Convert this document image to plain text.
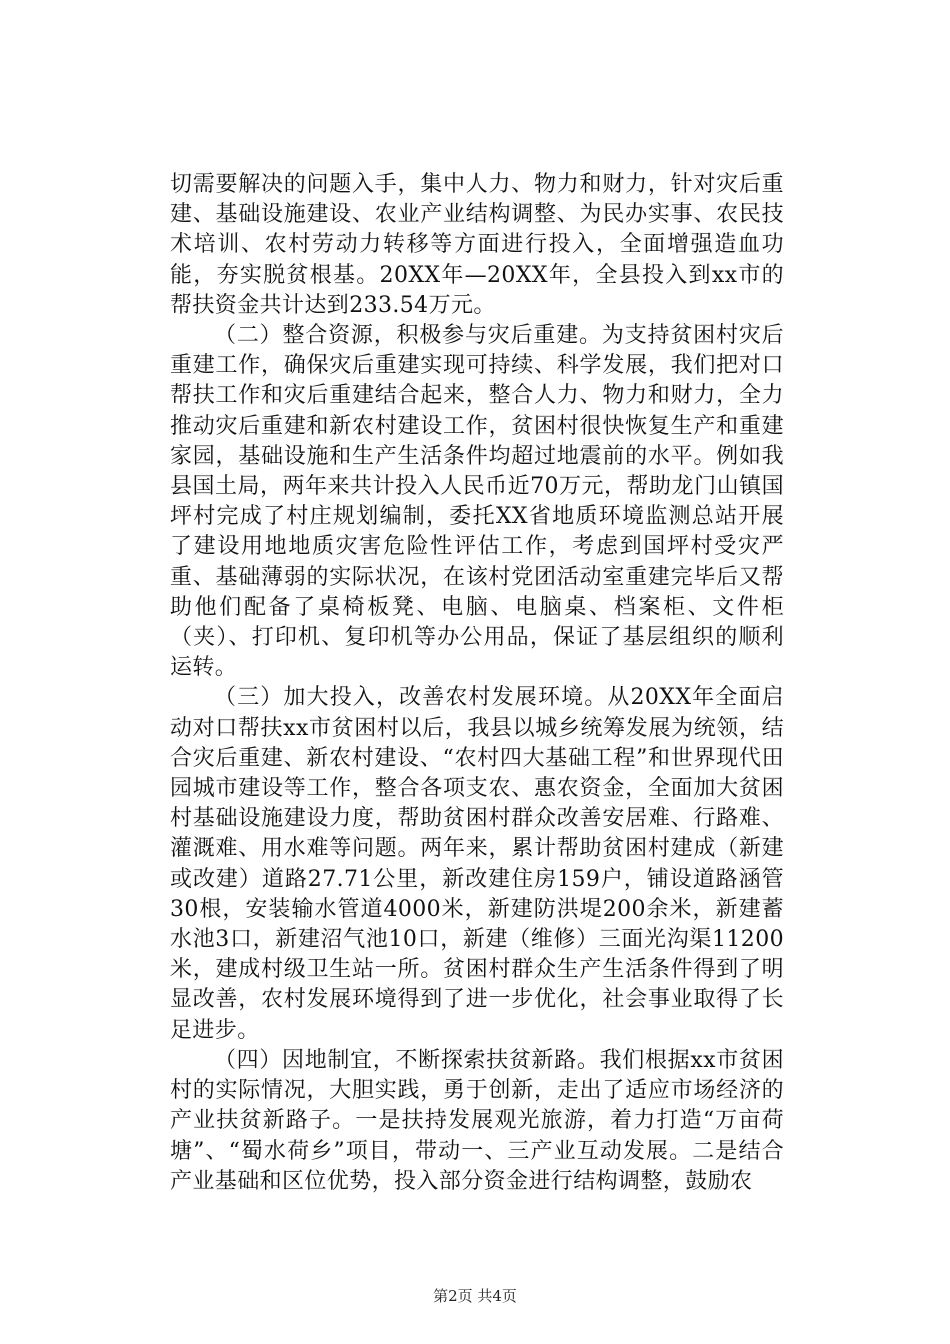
切需要解决的问题入手，集中人力、物力和财力，针对灾后重建、基础设施建设、农业产业结构调整、为民办实事、农民技术培训、农村劳动力转移等方面进行投入，全面增强造血功能，夯实脱贫根基。20XX年—20XX年，全县投入到xx市的帮扶资金共计达到233.54万元。

（二）整合资源，积极参与灾后重建。为支持贫困村灾后重建工作，确保灾后重建实现可持续、科学发展，我们把对口帮扶工作和灾后重建结合起来，整合人力、物力和财力，全力推动灾后重建和新农村建设工作，贫困村很快恢复生产和重建家园，基础设施和生产生活条件均超过地震前的水平。例如我县国土局，两年来共计投入人民币近70万元，帮助龙门山镇国坪村完成了村庄规划编制，委托XX省地质环境监测总站开展了建设用地地质灾害危险性评估工作，考虑到国坪村受灾严重、基础薄弱的实际状况，在该村党团活动室重建完毕后又帮助他们配备了桌椅板凳、电脑、电脑桌、档案柜、文件柜（夹）、打印机、复印机等办公用品，保证了基层组织的顺利运转。

（三）加大投入，改善农村发展环境。从20XX年全面启动对口帮扶xx市贫困村以后，我县以城乡统筹发展为统领，结合灾后重建、新农村建设、“农村四大基础工程”和世界现代田园城市建设等工作，整合各项支农、惠农资金，全面加大贫困村基础设施建设力度，帮助贫困村群众改善安居难、行路难、灌溉难、用水难等问题。两年来，累计帮助贫困村建成（新建或改建）道路27.71公里，新改建住房159户，铺设道路涵管30根，安装输水管道4000米，新建防洪堤200余米，新建蓄水池3口，新建沼气池10口，新建（维修）三面光沟渠11200米，建成村级卫生站一所。贫困村群众生产生活条件得到了明显改善，农村发展环境得到了进一步优化，社会事业取得了长足进步。

（四）因地制宜，不断探索扶贫新路。我们根据xx市贫困村的实际情况，大胆实践，勇于创新，走出了适应市场经济的产业扶贫新路子。一是扶持发展观光旅游，着力打造“万亩荷塘”、“蜀水荷乡”项目，带动一、三产业互动发展。二是结合产业基础和区位优势，投入部分资金进行结构调整，鼓励农

第2页 共4页
